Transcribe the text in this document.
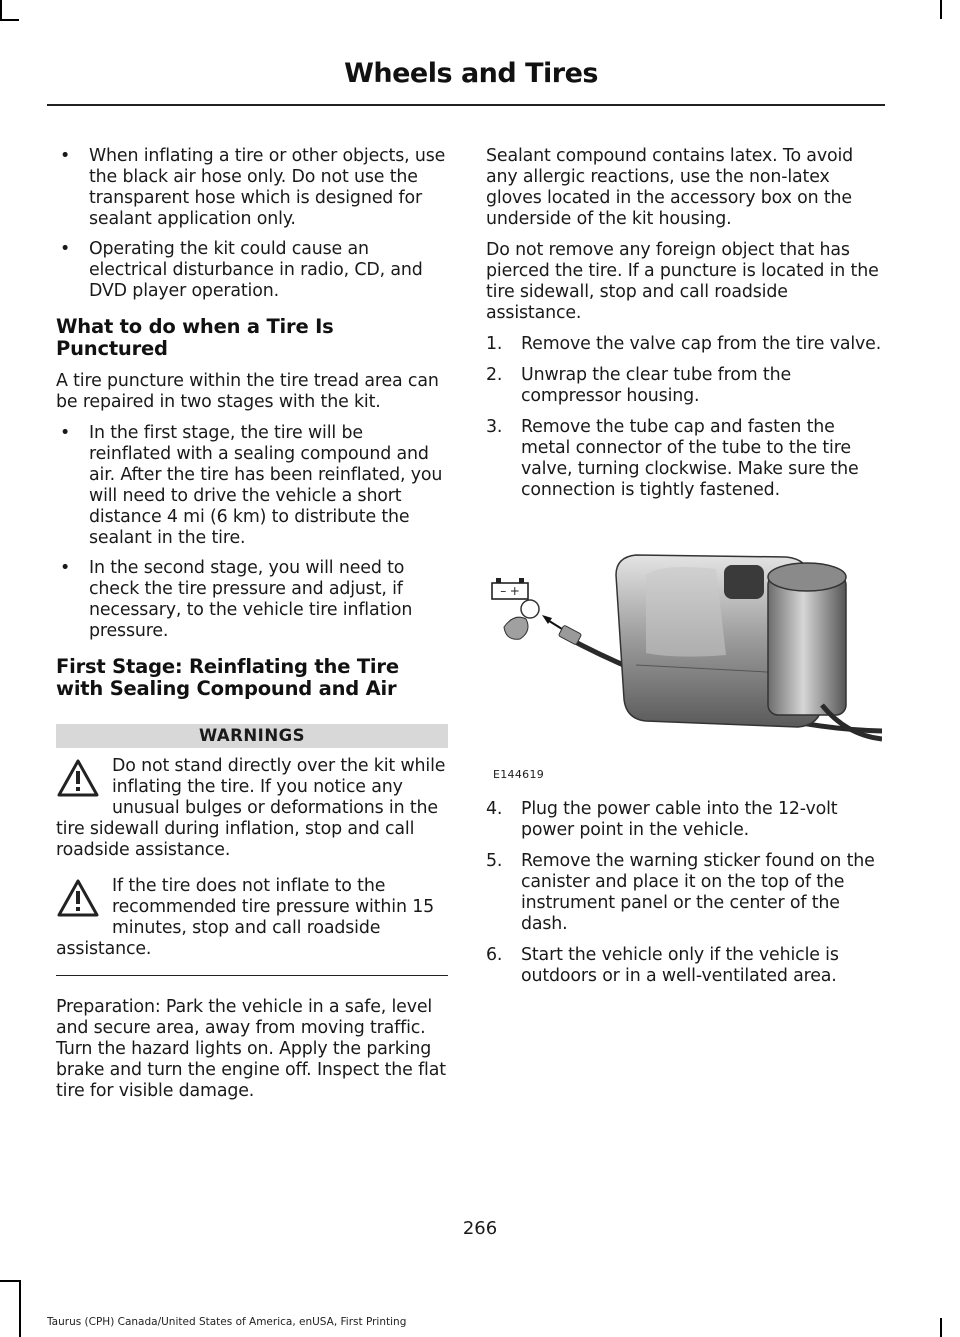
Wheels and Tires
• When inflating a tire or other objects, use the black air hose only. Do not use the transparent hose which is designed for sealant application only.
• Operating the kit could cause an electrical disturbance in radio, CD, and DVD player operation.
What to do when a Tire Is Punctured

A tire puncture within the tire tread area can be repaired in two stages with the kit.

• In the first stage, the tire will be reinflated with a sealing compound and air. After the tire has been reinflated, you will need to drive the vehicle a short distance 4 mi (6 km) to distribute the sealant in the tire.
• In the second stage, you will need to check the tire pressure and adjust, if necessary, to the vehicle tire inflation pressure.
First Stage: Reinflating the Tire with Sealing Compound and Air
WARNINGS
Do not stand directly over the kit while inflating the tire. If you notice any unusual bulges or deformations in the tire sidewall during inflation, stop and call roadside assistance.
If the tire does not inflate to the recommended tire pressure within 15 minutes, stop and call roadside assistance.

Preparation: Park the vehicle in a safe, level and secure area, away from moving traffic. Turn the hazard lights on. Apply the parking brake and turn the engine off. Inspect the flat tire for visible damage.

Sealant compound contains latex. To avoid any allergic reactions, use the non-latex gloves located in the accessory box on the underside of the kit housing.

Do not remove any foreign object that has pierced the tire. If a puncture is located in the tire sidewall, stop and call roadside assistance.

1. Remove the valve cap from the tire valve.
2. Unwrap the clear tube from the compressor housing.
3. Remove the tube cap and fasten the metal connector of the tube to the tire valve, turning clockwise. Make sure the connection is tightly fastened.
– +
E144619
4. Plug the power cable into the 12-volt power point in the vehicle.
5. Remove the warning sticker found on the canister and place it on the top of the instrument panel or the center of the dash.
6. Start the vehicle only if the vehicle is outdoors or in a well-ventilated area.
266
Taurus (CPH) Canada/United States of America, enUSA, First Printing
